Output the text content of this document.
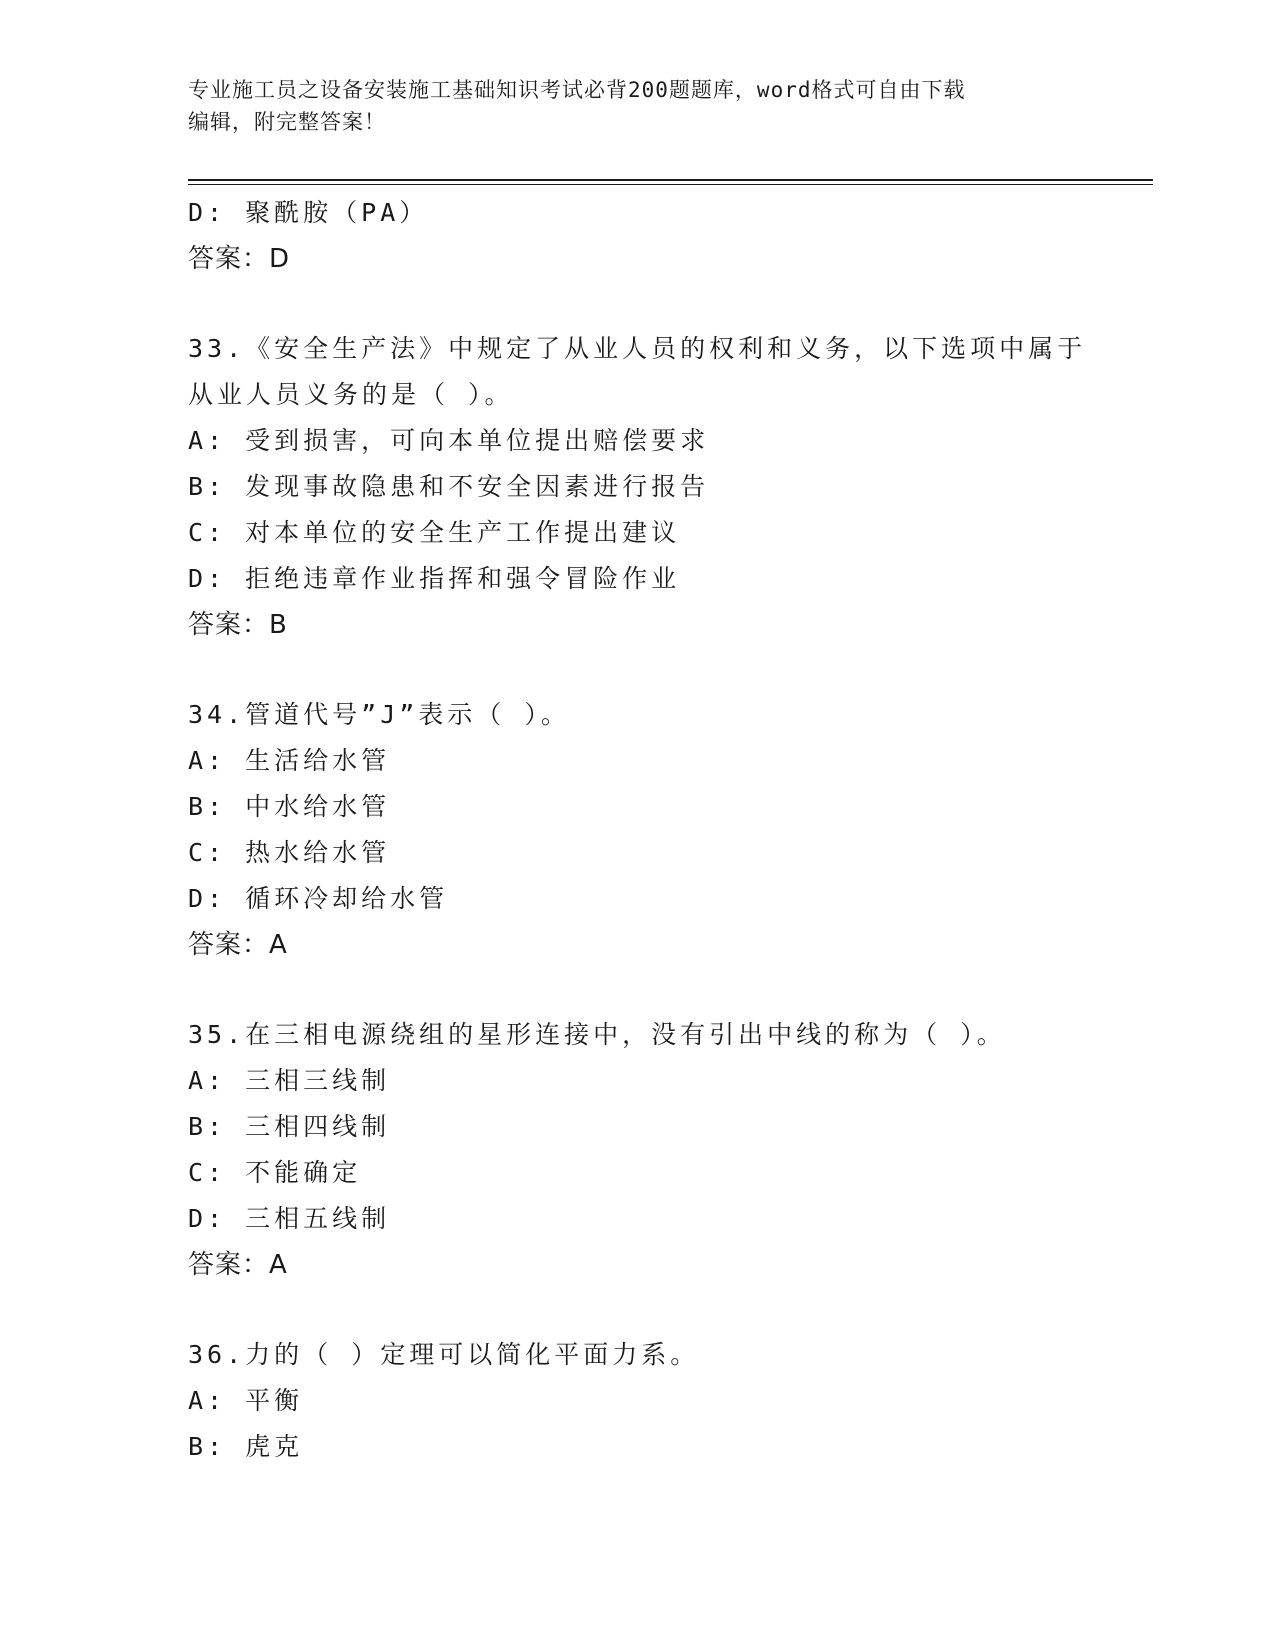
专业施工员之设备安装施工基础知识考试必背200题题库，word格式可自由下载
编辑，附完整答案！
D: 聚酰胺（PA）
答案：D
33.《安全生产法》中规定了从业人员的权利和义务，以下选项中属于
从业人员义务的是（ ）。
A: 受到损害，可向本单位提出赔偿要求
B: 发现事故隐患和不安全因素进行报告
C: 对本单位的安全生产工作提出建议
D: 拒绝违章作业指挥和强令冒险作业
答案：B
34.管道代号”J”表示（ ）。
A: 生活给水管
B: 中水给水管
C: 热水给水管
D: 循环冷却给水管
答案：A
35.在三相电源绕组的星形连接中，没有引出中线的称为（ ）。
A: 三相三线制
B: 三相四线制
C: 不能确定
D: 三相五线制
答案：A
36.力的（ ）定理可以简化平面力系。
A: 平衡
B: 虎克
